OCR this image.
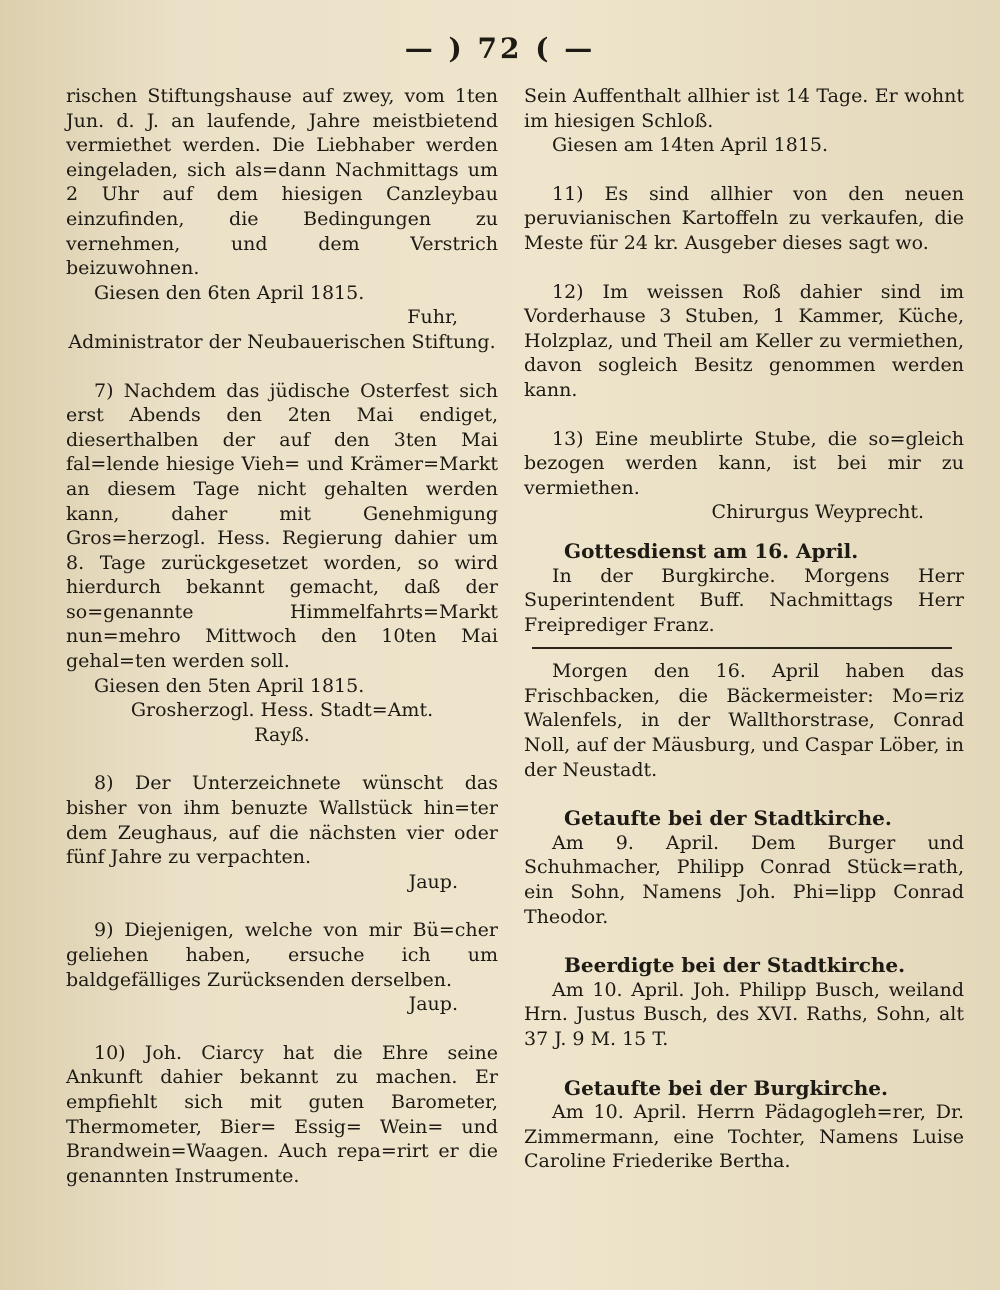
— ) 72 ( —

rischen Stiftungshause auf zwey, vom 1ten Jun. d. J. an laufende, Jahre meistbietend vermiethet werden. Die Liebhaber werden eingeladen, sich als=dann Nachmittags um 2 Uhr auf dem hiesigen Canzleybau einzufinden, die Bedingungen zu vernehmen, und dem Verstrich beizuwohnen.

Giesen den 6ten April 1815.

Fuhr,

Administrator der Neubauerischen Stiftung.

7) Nachdem das jüdische Osterfest sich erst Abends den 2ten Mai endiget, dieserthalben der auf den 3ten Mai fal=lende hiesige Vieh= und Krämer=Markt an diesem Tage nicht gehalten werden kann, daher mit Genehmigung Gros=herzogl. Hess. Regierung dahier um 8. Tage zurückgesetzet worden, so wird hierdurch bekannt gemacht, daß der so=genannte Himmelfahrts=Markt nun=mehro Mittwoch den 10ten Mai gehal=ten werden soll.

Giesen den 5ten April 1815.

Grosherzogl. Hess. Stadt=Amt.

Rayß.

8) Der Unterzeichnete wünscht das bisher von ihm benuzte Wallstück hin=ter dem Zeughaus, auf die nächsten vier oder fünf Jahre zu verpachten.

Jaup.

9) Diejenigen, welche von mir Bü=cher geliehen haben, ersuche ich um baldgefälliges Zurücksenden derselben.

Jaup.

10) Joh. Ciarcy hat die Ehre seine Ankunft dahier bekannt zu machen. Er empfiehlt sich mit guten Barometer, Thermometer, Bier= Essig= Wein= und Brandwein=Waagen. Auch repa=rirt er die genannten Instrumente.

Sein Auffenthalt allhier ist 14 Tage. Er wohnt im hiesigen Schloß.

Giesen am 14ten April 1815.

11) Es sind allhier von den neuen peruvianischen Kartoffeln zu verkaufen, die Meste für 24 kr. Ausgeber dieses sagt wo.

12) Im weissen Roß dahier sind im Vorderhause 3 Stuben, 1 Kammer, Küche, Holzplaz, und Theil am Keller zu vermiethen, davon sogleich Besitz genommen werden kann.

13) Eine meublirte Stube, die so=gleich bezogen werden kann, ist bei mir zu vermiethen.

Chirurgus Weyprecht.

Gottesdienst am 16. April.

In der Burgkirche. Morgens Herr Superintendent Buff. Nachmittags Herr Freiprediger Franz.

Morgen den 16. April haben das Frischbacken, die Bäckermeister: Mo=riz Walenfels, in der Wallthorstrase, Conrad Noll, auf der Mäusburg, und Caspar Löber, in der Neustadt.

Getaufte bei der Stadtkirche.

Am 9. April. Dem Burger und Schuhmacher, Philipp Conrad Stück=rath, ein Sohn, Namens Joh. Phi=lipp Conrad Theodor.

Beerdigte bei der Stadtkirche.

Am 10. April. Joh. Philipp Busch, weiland Hrn. Justus Busch, des XVI. Raths, Sohn, alt 37 J. 9 M. 15 T.

Getaufte bei der Burgkirche.

Am 10. April. Herrn Pädagogleh=rer, Dr. Zimmermann, eine Tochter, Namens Luise Caroline Friederike Bertha.
